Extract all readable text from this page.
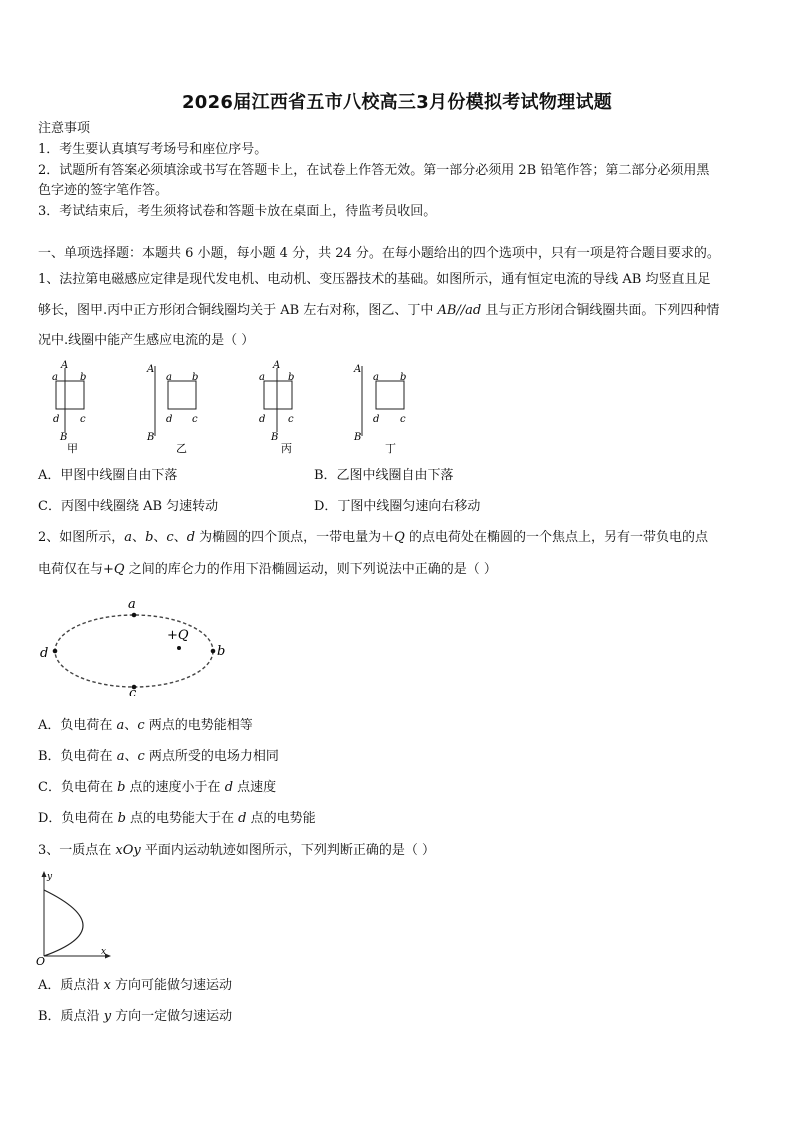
2026届江西省五市八校高三3月份模拟考试物理试题
注意事项
1．考生要认真填写考场号和座位序号。
2．试题所有答案必须填涂或书写在答题卡上，在试卷上作答无效。第一部分必须用 2B 铅笔作答；第二部分必须用黑
色字迹的签字笔作答。
3．考试结束后，考生须将试卷和答题卡放在桌面上，待监考员收回。
一、单项选择题：本题共 6 小题，每小题 4 分，共 24 分。在每小题给出的四个选项中，只有一项是符合题目要求的。
1、法拉第电磁感应定律是现代发电机、电动机、变压器技术的基础。如图所示，通有恒定电流的导线 AB 均竖直且足
够长，图甲.丙中正方形闭合铜线圈均关于 AB 左右对称，图乙、丁中 AB//ad 且与正方形闭合铜线圈共面。下列四种情
况中.线圈中能产生感应电流的是（ ）
A
a b
d c
B
甲
A
a b
d c
B
乙
A
a b
d c
B
丙
A
a b
d c
B
丁
A．甲图中线圈自由下落	B．乙图中线圈自由下落
C．丙图中线圈绕 AB 匀速转动	D．丁图中线圈匀速向右移动
2、如图所示，a、b、c、d 为椭圆的四个顶点，一带电量为＋Q 的点电荷处在椭圆的一个焦点上，另有一带负电的点
电荷仅在与+Q 之间的库仑力的作用下沿椭圆运动，则下列说法中正确的是（ ）
a
b
c
d
+Q
A．负电荷在 a、c 两点的电势能相等
B．负电荷在 a、c 两点所受的电场力相同
C．负电荷在 b 点的速度小于在 d 点速度
D．负电荷在 b 点的电势能大于在 d 点的电势能
3、一质点在 xOy 平面内运动轨迹如图所示，下列判断正确的是（ ）
y
x
O
A．质点沿 x 方向可能做匀速运动
B．质点沿 y 方向一定做匀速运动
